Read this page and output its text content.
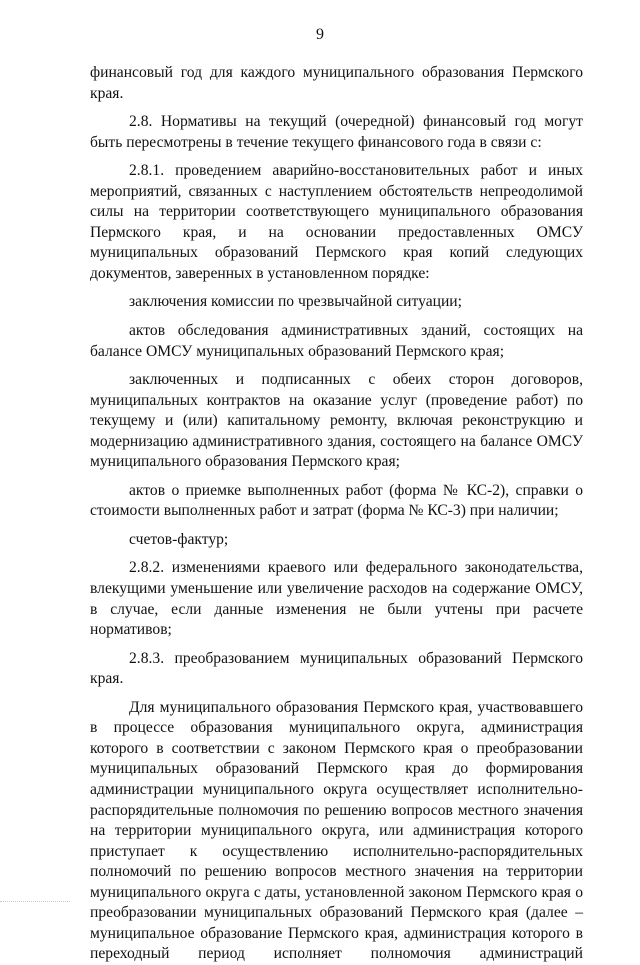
9

финансовый год для каждого муниципального образования Пермского края.

2.8. Нормативы на текущий (очередной) финансовый год могут быть пересмотрены в течение текущего финансового года в связи с:

2.8.1. проведением аварийно-восстановительных работ и иных мероприятий, связанных с наступлением обстоятельств непреодолимой силы на территории соответствующего муниципального образования Пермского края, и на основании предоставленных ОМСУ муниципальных образований Пермского края копий следующих документов, заверенных в установленном порядке:

заключения комиссии по чрезвычайной ситуации;

актов обследования административных зданий, состоящих на балансе ОМСУ муниципальных образований Пермского края;

заключенных и подписанных с обеих сторон договоров, муниципальных контрактов на оказание услуг (проведение работ) по текущему и (или) капитальному ремонту, включая реконструкцию и модернизацию административного здания, состоящего на балансе ОМСУ муниципального образования Пермского края;

актов о приемке выполненных работ (форма № КС-2), справки о стоимости выполненных работ и затрат (форма № КС-3) при наличии;

счетов-фактур;

2.8.2. изменениями краевого или федерального законодательства, влекущими уменьшение или увеличение расходов на содержание ОМСУ, в случае, если данные изменения не были учтены при расчете нормативов;

2.8.3. преобразованием муниципальных образований Пермского края.

Для муниципального образования Пермского края, участвовавшего в процессе образования муниципального округа, администрация которого в соответствии с законом Пермского края о преобразовании муниципальных образований Пермского края до формирования администрации муниципального округа осуществляет исполнительно-распорядительные полномочия по решению вопросов местного значения на территории муниципального округа, или администрация которого приступает к осуществлению исполнительно-распорядительных полномочий по решению вопросов местного значения на территории муниципального округа с даты, установленной законом Пермского края о преобразовании муниципальных образований Пермского края (далее – муниципальное образование Пермского края, администрация которого в переходный период исполняет полномочия администраций
